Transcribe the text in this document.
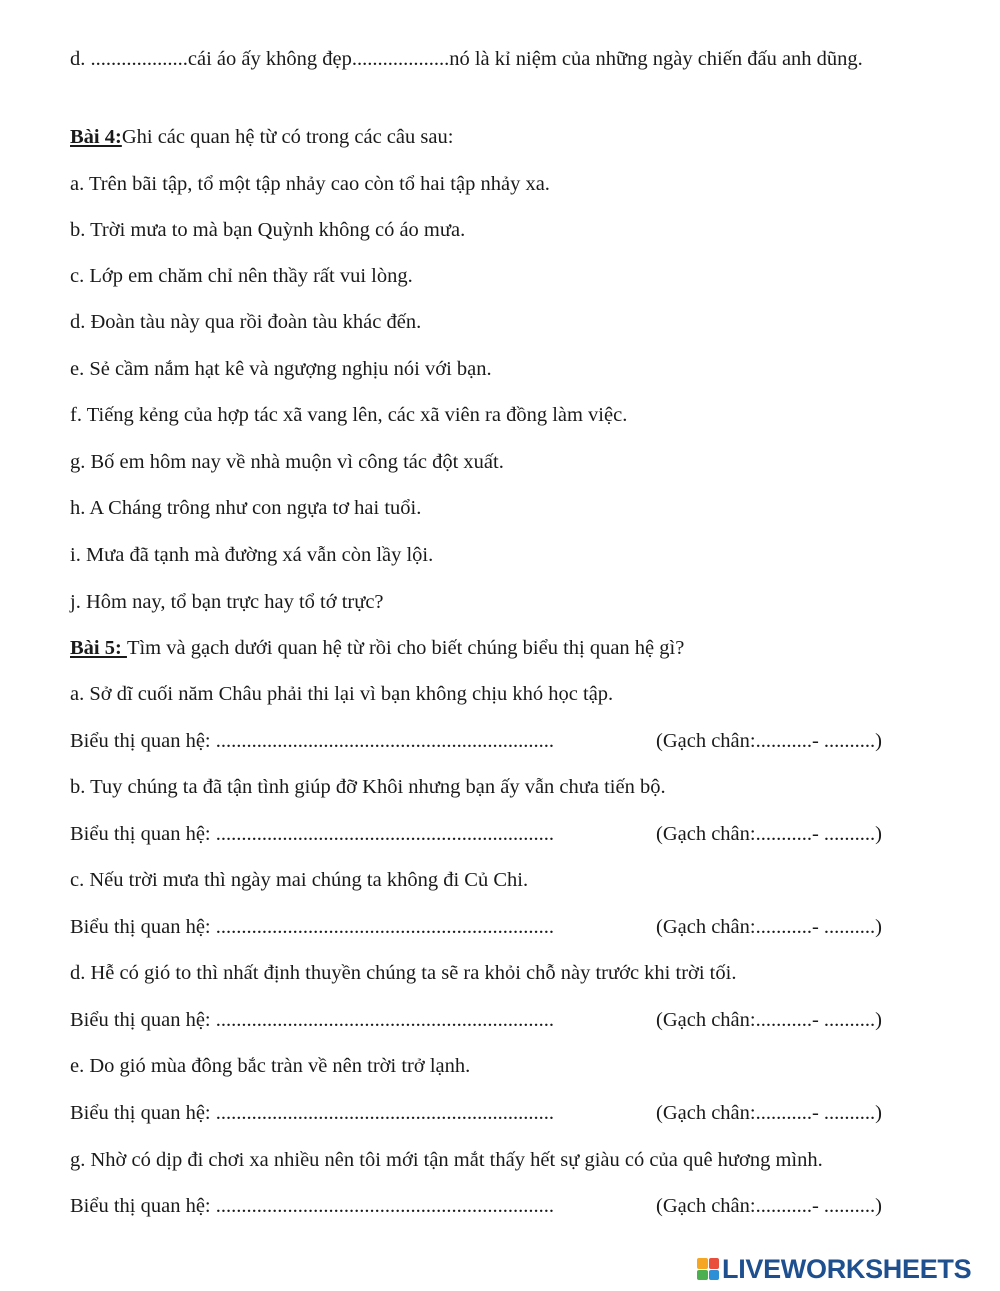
d. ...................cái áo ấy không đẹp...................nó là kỉ niệm của những ngày chiến đấu anh dũng.
Bài 4:Ghi các quan hệ từ có trong các câu sau:
a. Trên bãi tập, tổ một tập nhảy cao còn tổ hai tập nhảy xa.
b. Trời mưa to mà bạn Quỳnh không có áo mưa.
c. Lớp em chăm chỉ nên thầy rất vui lòng.
d. Đoàn tàu này qua rồi đoàn tàu khác đến.
e. Sẻ cầm nắm hạt kê và ngượng nghịu nói với bạn.
f. Tiếng kẻng của hợp tác xã vang lên, các xã viên ra đồng làm việc.
g. Bố em hôm nay về nhà muộn vì công tác đột xuất.
h. A Cháng trông như con ngựa tơ hai tuổi.
i. Mưa đã tạnh mà đường xá vẫn còn lầy lội.
j. Hôm nay, tổ bạn trực hay tổ tớ trực?
Bài 5: Tìm và gạch dưới quan hệ từ rồi cho biết chúng biểu thị quan hệ gì?
a. Sở dĩ cuối năm Châu phải thi lại vì bạn không chịu khó học tập.
Biểu thị quan hệ: ..................................................................	(Gạch chân:...........- ..........)
b. Tuy chúng ta đã tận tình giúp đỡ Khôi nhưng bạn ấy vẫn chưa tiến bộ.
Biểu thị quan hệ: ..................................................................	(Gạch chân:...........- ..........)
c. Nếu trời mưa thì ngày mai chúng ta không đi Củ Chi.
Biểu thị quan hệ: ..................................................................	(Gạch chân:...........- ..........)
d. Hễ có gió to thì nhất định thuyền chúng ta sẽ ra khỏi chỗ này trước khi trời tối.
Biểu thị quan hệ: ..................................................................	(Gạch chân:...........- ..........)
e. Do gió mùa đông bắc tràn về nên trời trở lạnh.
Biểu thị quan hệ: ..................................................................	(Gạch chân:...........- ..........)
g. Nhờ có dịp đi chơi xa nhiều nên tôi mới tận mắt thấy hết sự giàu có của quê hương mình.
Biểu thị quan hệ: ..................................................................	(Gạch chân:...........- ..........)
LIVEWORKSHEETS
